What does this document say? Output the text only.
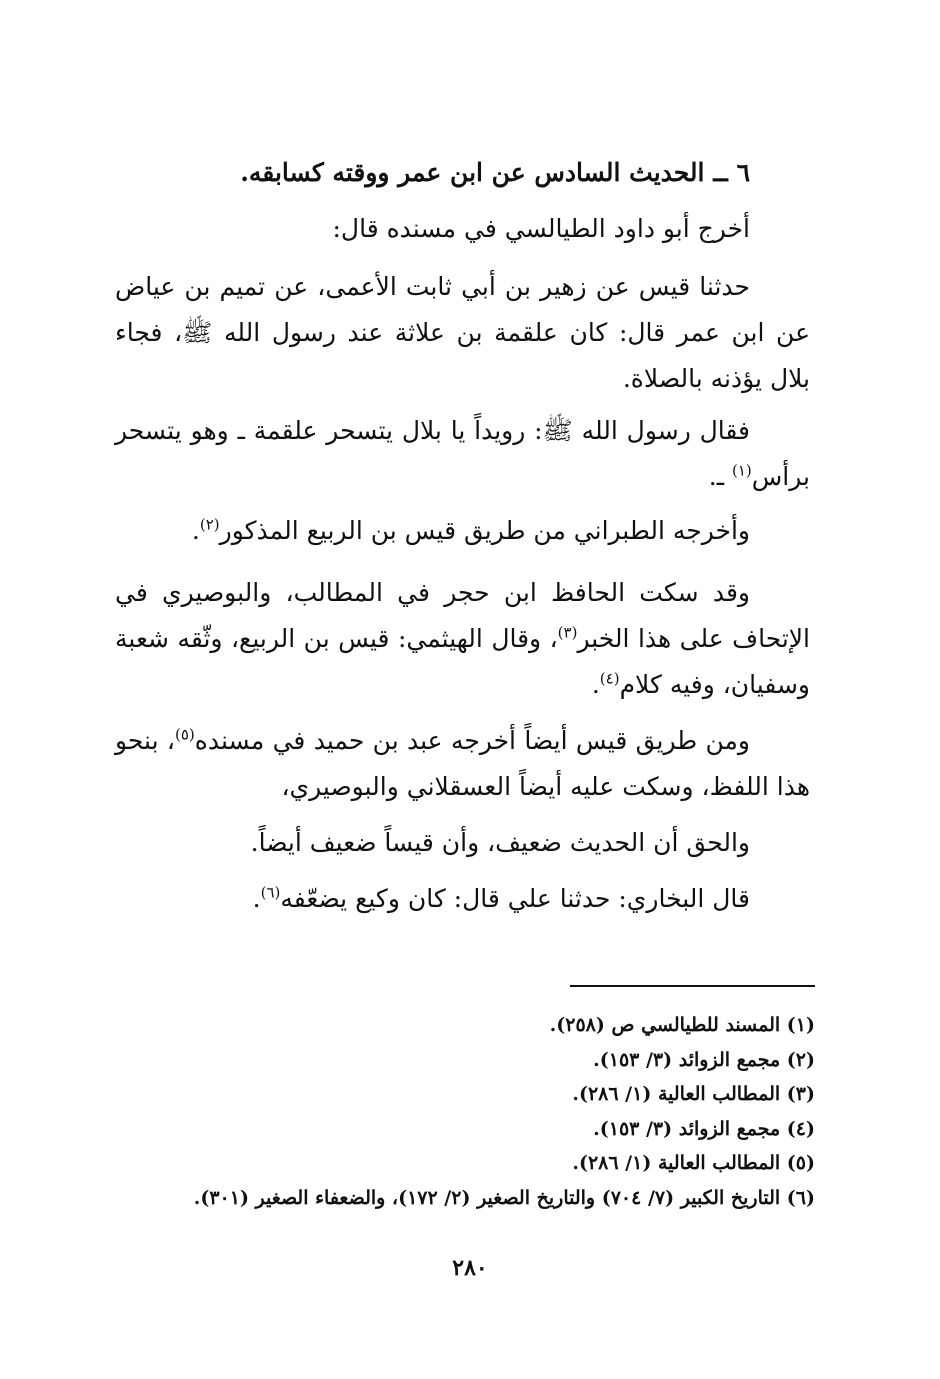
٦ ــ الحديث السادس عن ابن عمر ووقته كسابقه.
أخرج أبو داود الطيالسي في مسنده قال:
حدثنا قيس عن زهير بن أبي ثابت الأعمى، عن تميم بن عياض عن ابن عمر قال: كان علقمة بن علاثة عند رسول الله ﷺ، فجاء بلال يؤذنه بالصلاة.
فقال رسول الله ﷺ: رويداً يا بلال يتسحر علقمة ـ وهو يتسحر برأس$^{(١)}$ ـ.
وأخرجه الطبراني من طريق قيس بن الربيع المذكور$^{(٢)}$.
وقد سكت الحافظ ابن حجر في المطالب، والبوصيري في الإتحاف على هذا الخبر$^{(٣)}$، وقال الهيثمي: قيس بن الربيع، وثّقه شعبة وسفيان، وفيه كلام$^{(٤)}$.
ومن طريق قيس أيضاً أخرجه عبد بن حميد في مسنده$^{(٥)}$، بنحو هذا اللفظ، وسكت عليه أيضاً العسقلاني والبوصيري،
والحق أن الحديث ضعيف، وأن قيساً ضعيف أيضاً.
قال البخاري: حدثنا علي قال: كان وكيع يضعّفه$^{(٦)}$.
(١) المسند للطيالسي ص (٢٥٨).
(٢) مجمع الزوائد (٣/ ١٥٣).
(٣) المطالب العالية (١/ ٢٨٦).
(٤) مجمع الزوائد (٣/ ١٥٣).
(٥) المطالب العالية (١/ ٢٨٦).
(٦) التاريخ الكبير (٧/ ٧٠٤) والتاريخ الصغير (٢/ ١٧٢)، والضعفاء الصغير (٣٠١).
٢٨٠
